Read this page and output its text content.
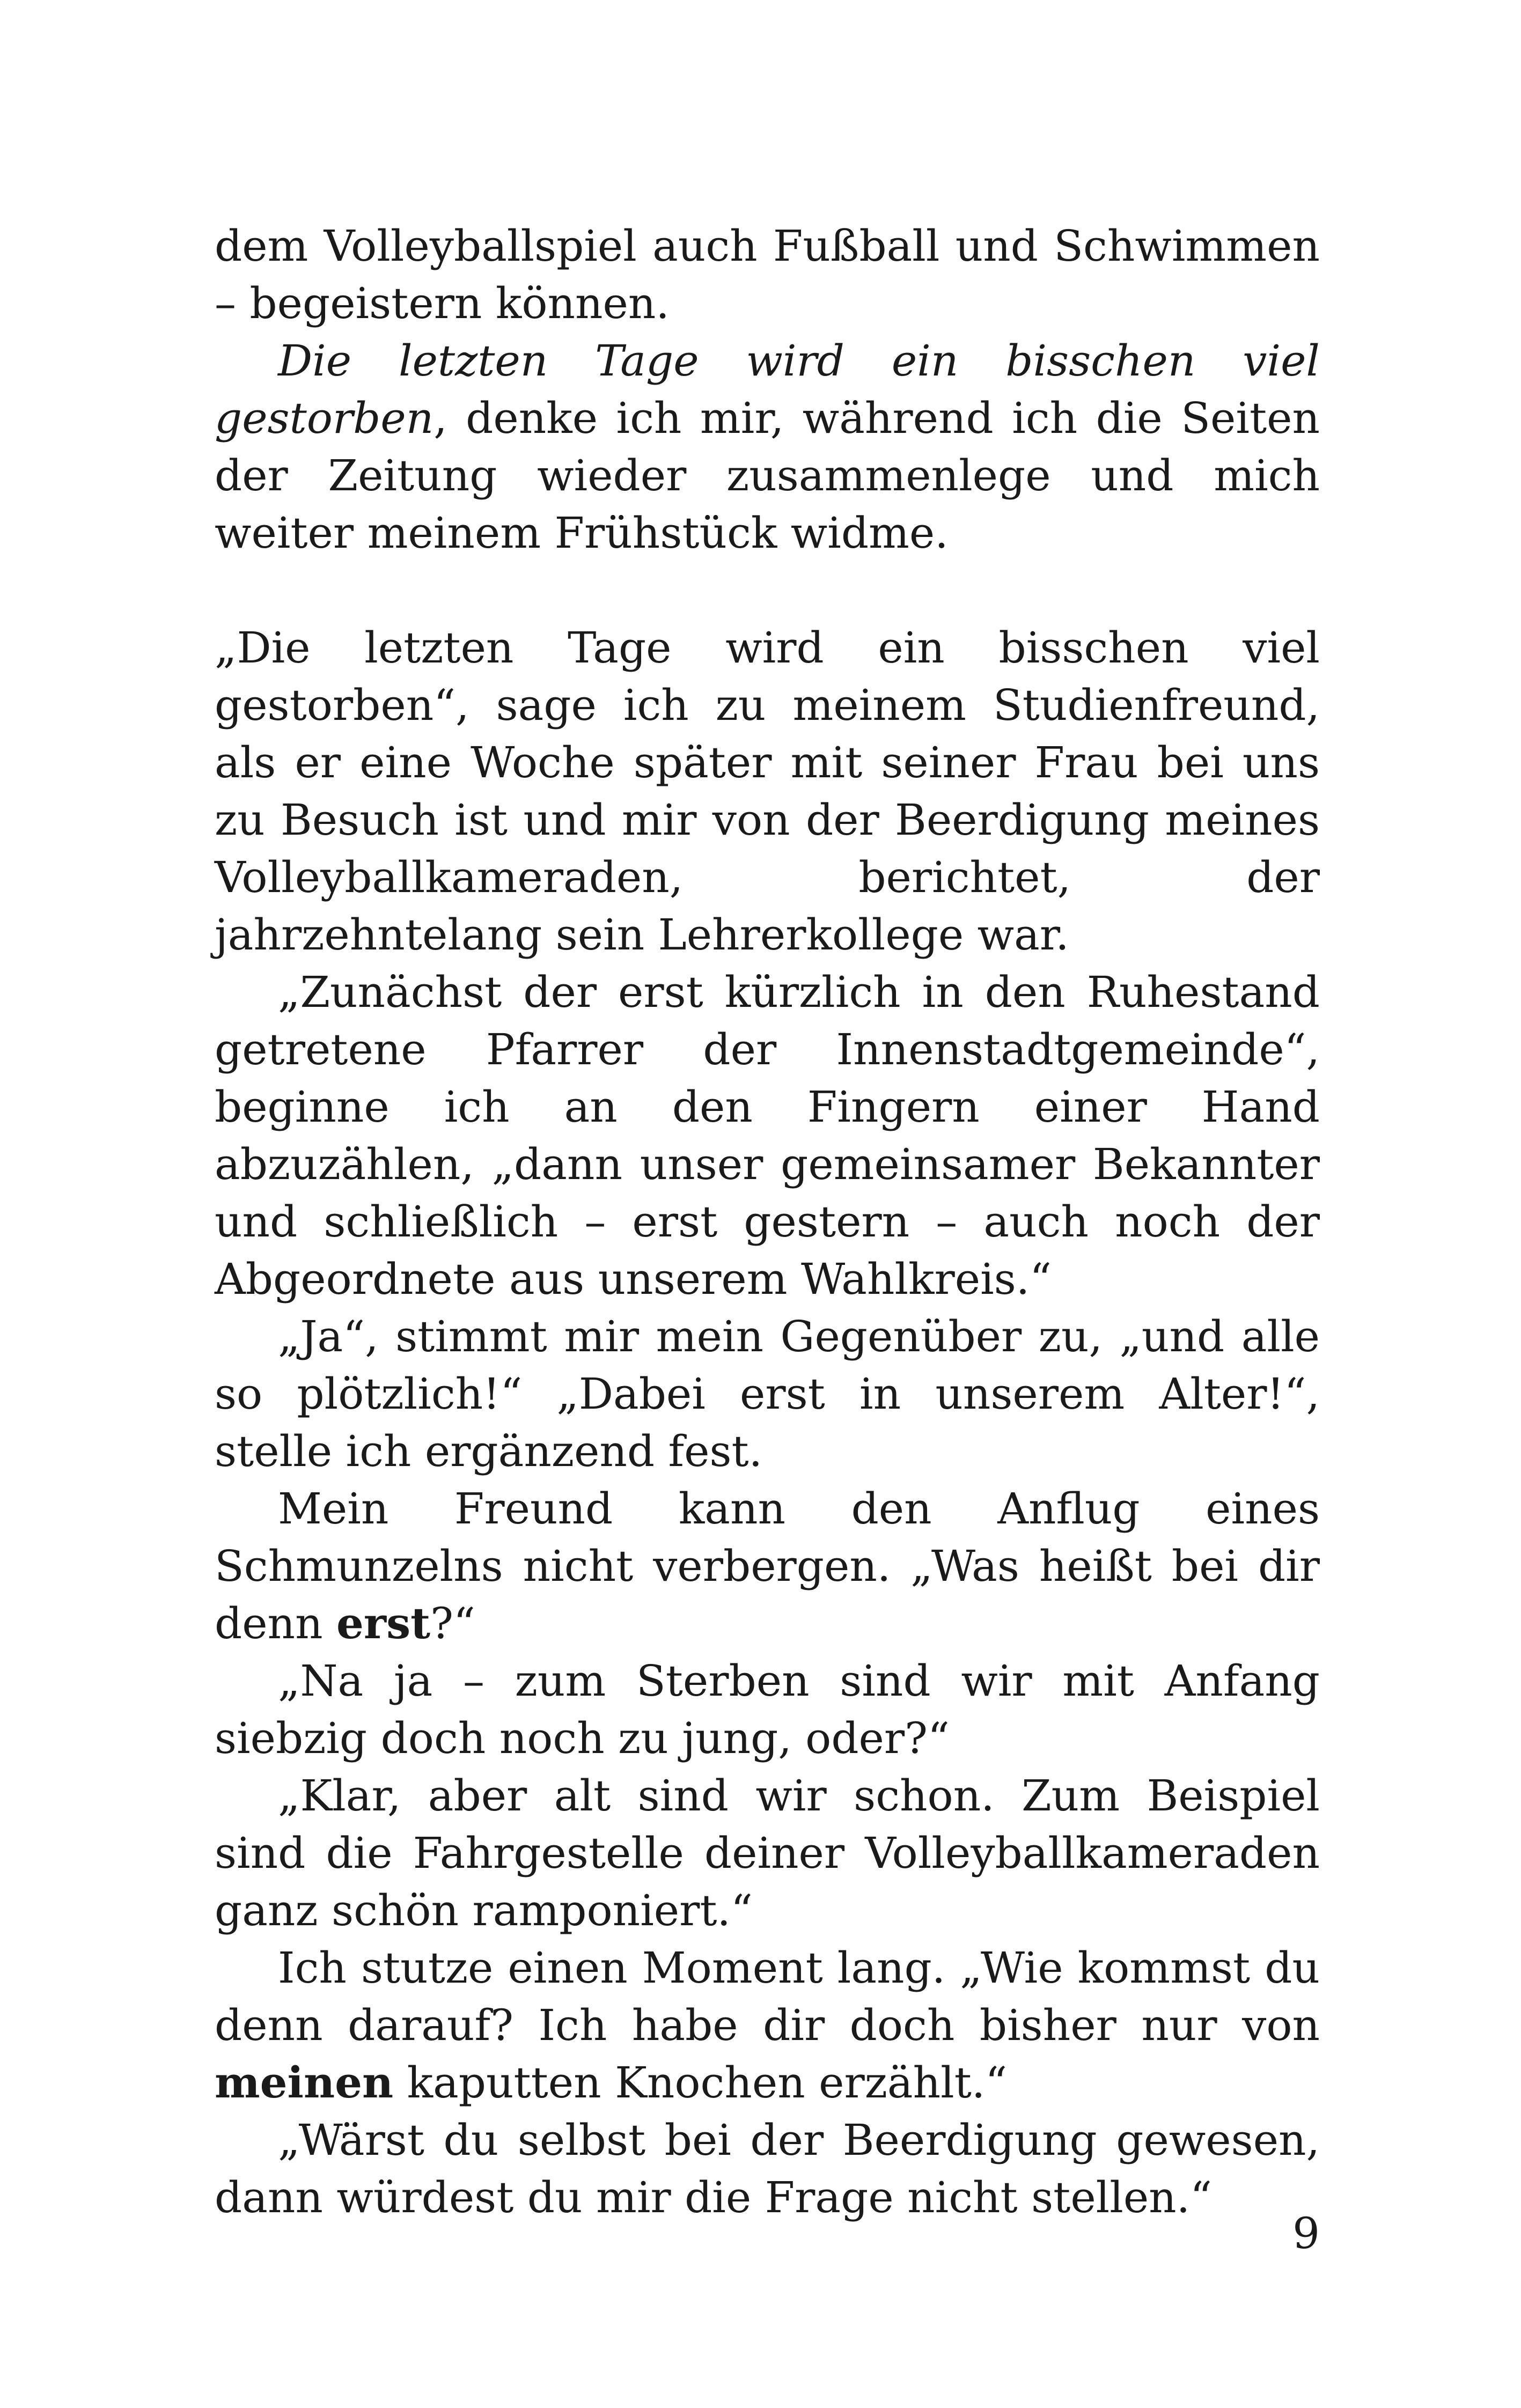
dem Volleyballspiel auch Fußball und Schwimmen – begeistern können.

Die letzten Tage wird ein bisschen viel gestorben, denke ich mir, während ich die Seiten der Zeitung wieder zusammenlege und mich weiter meinem Frühstück widme.

„Die letzten Tage wird ein bisschen viel gestorben“, sage ich zu meinem Studienfreund, als er eine Woche später mit seiner Frau bei uns zu Besuch ist und mir von der Beerdigung meines Volleyballkameraden, berichtet, der jahrzehntelang sein Lehrerkollege war.

„Zunächst der erst kürzlich in den Ruhestand getretene Pfarrer der Innenstadtgemeinde“, beginne ich an den Fingern einer Hand abzuzählen, „dann unser gemeinsamer Bekannter und schließlich – erst gestern – auch noch der Abgeordnete aus unserem Wahlkreis.“

„Ja“, stimmt mir mein Gegenüber zu, „und alle so plötzlich!“ „Dabei erst in unserem Alter!“, stelle ich ergänzend fest.

Mein Freund kann den Anflug eines Schmunzelns nicht verbergen. „Was heißt bei dir denn erst?“

„Na ja – zum Sterben sind wir mit Anfang siebzig doch noch zu jung, oder?“

„Klar, aber alt sind wir schon. Zum Beispiel sind die Fahrgestelle deiner Volleyballkameraden ganz schön ramponiert.“

Ich stutze einen Moment lang. „Wie kommst du denn darauf? Ich habe dir doch bisher nur von meinen kaputten Knochen erzählt.“

„Wärst du selbst bei der Beerdigung gewesen, dann würdest du mir die Frage nicht stellen.“

9
